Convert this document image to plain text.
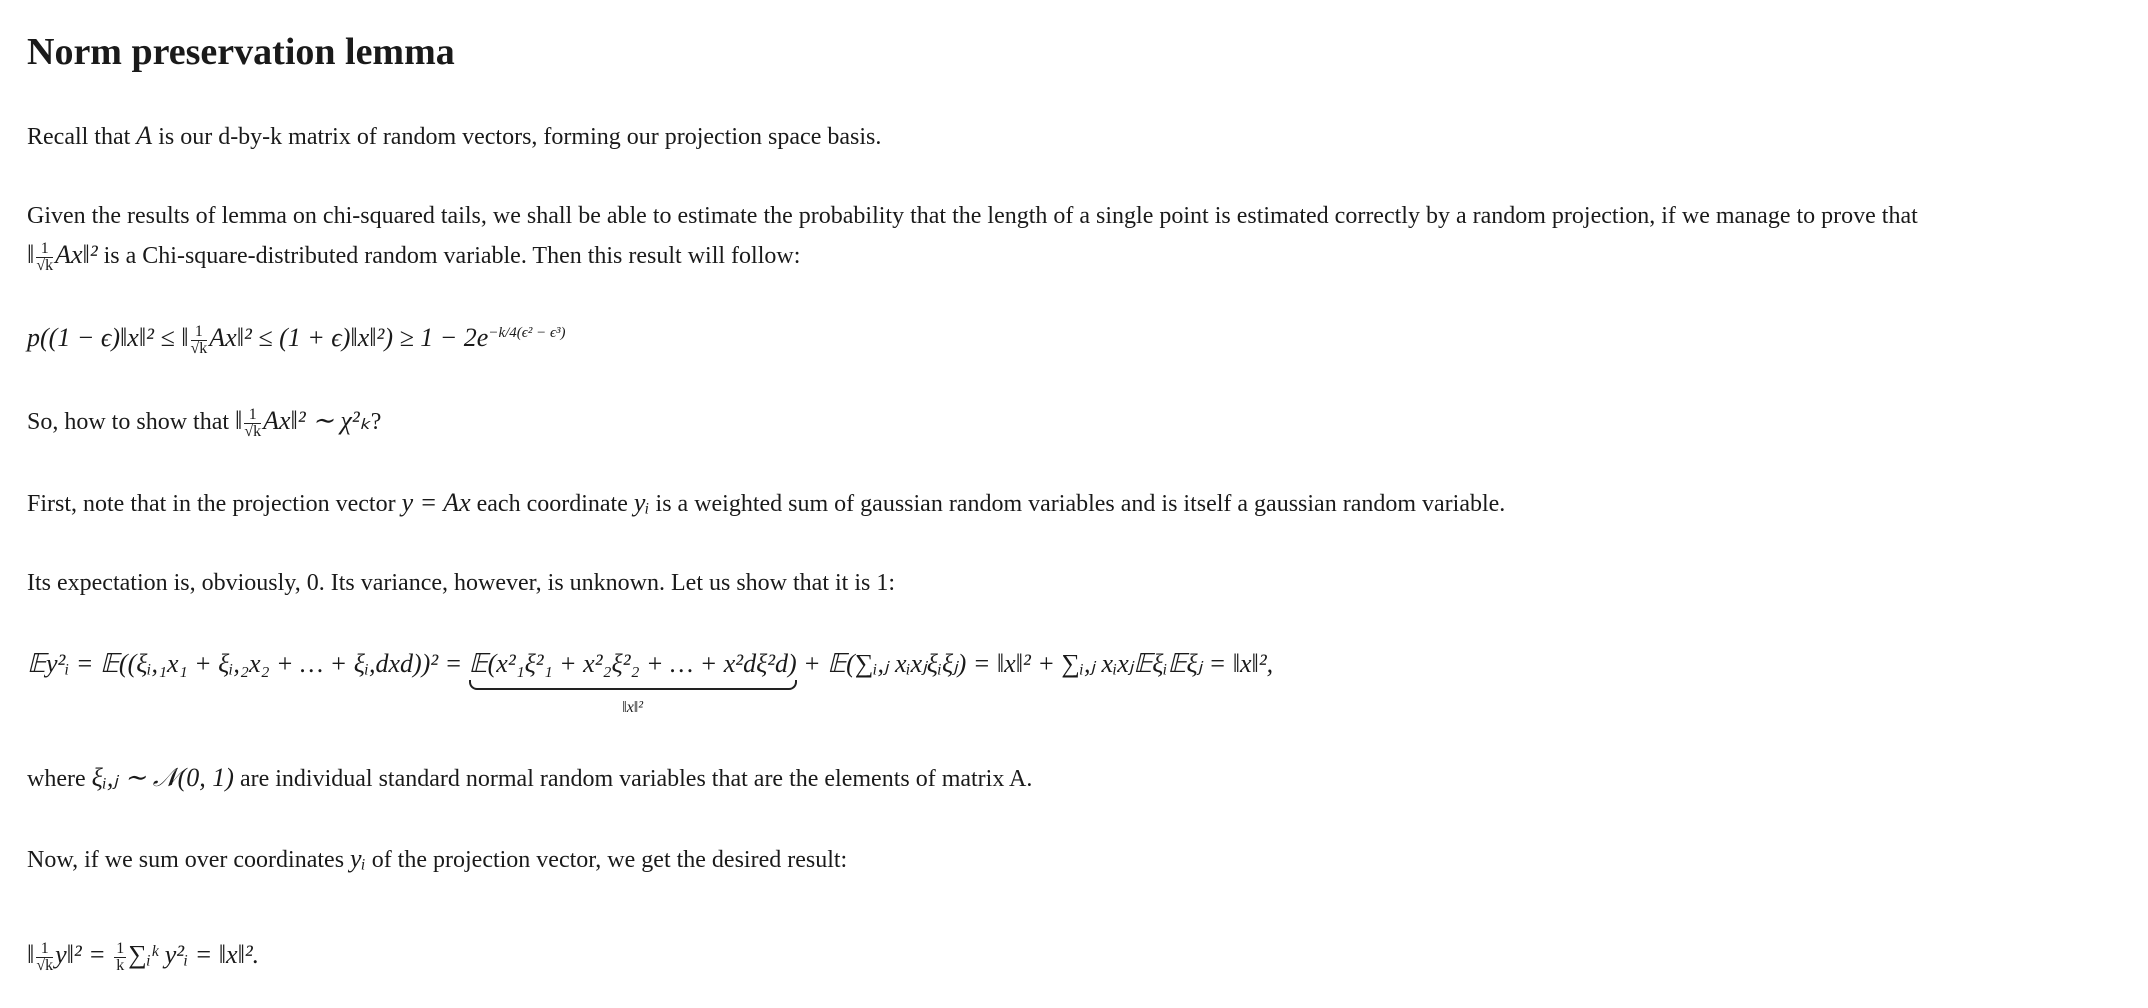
Norm preservation lemma
Recall that A is our d-by-k matrix of random vectors, forming our projection space basis.
Given the results of lemma on chi-squared tails, we shall be able to estimate the probability that the length of a single point is estimated correctly by a random projection, if we manage to prove that
‖ $\frac{1}{√k}$ Ax‖² is a Chi-square-distributed random variable. Then this result will follow:
p((1 − ϵ)‖x‖² ≤ ‖ $\frac{1}{√k}$ Ax‖² ≤ (1 + ϵ)‖x‖²) ≥ $1 - 2e^{-k/4(\epsilon^2 - \epsilon^3)}$
So, how to show that ‖ $\frac{1}{√k}$ Ax‖² ∼ χ²ₖ?
First, note that in the projection vector y = Ax each coordinate yᵢ is a weighted sum of gaussian random variables and is itself a gaussian random variable.
Its expectation is, obviously, 0. Its variance, however, is unknown. Let us show that it is 1:
𝔼y²ᵢ = 𝔼((ξᵢ,₁x₁ + ξᵢ,₂x₂ + … + ξᵢ,dxd))² = 𝔼(x²₁ξ²₁ + x²₂ξ²₂ + … + x²dξ²d)
‖x‖²
+ 𝔼(∑ᵢ,ⱼ xᵢxⱼξᵢξⱼ) = ‖x‖² + ∑ᵢ,ⱼ xᵢxⱼ𝔼ξᵢ𝔼ξⱼ = ‖x‖²,
where ξᵢ,ⱼ ∼ 𝒩(0, 1) are individual standard normal random variables that are the elements of matrix A.
Now, if we sum over coordinates yᵢ of the projection vector, we get the desired result:
‖ $\frac{1}{√k}$ y‖² = $\frac{1}{k}$ ∑ᵢᵏ y²ᵢ = ‖x‖².
